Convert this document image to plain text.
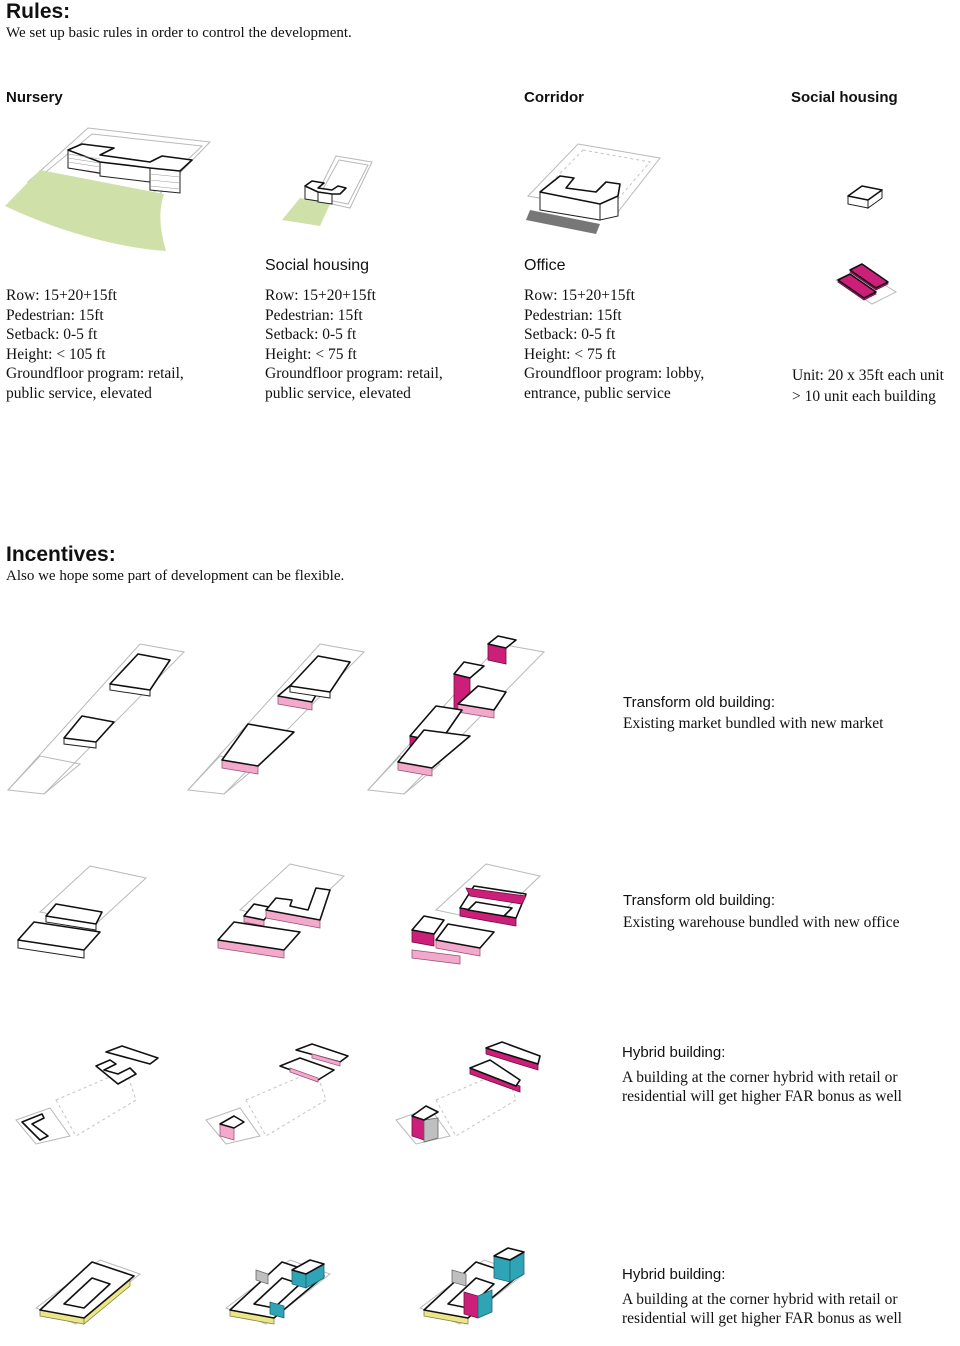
Rules:
We set up basic rules in order to control the development.
Nursery	Corridor	Social housing
Social housing	Office
Row: 15+20+15ft
Pedestrian: 15ft
Setback: 0-5 ft
Height: < 105 ft
Groundfloor program: retail,
public service, elevated
Row: 15+20+15ft
Pedestrian: 15ft
Setback: 0-5 ft
Height: < 75 ft
Groundfloor program: retail,
public service, elevated
Row: 15+20+15ft
Pedestrian: 15ft
Setback: 0-5 ft
Height: < 75 ft
Groundfloor program: lobby,
entrance, public service
Unit: 20 x 35ft each unit
> 10 unit each building
Incentives:
Also we hope some part of development can be flexible.
Transform old building:
Existing market bundled with new market
Transform old building:
Existing warehouse bundled with new office
Hybrid building:
A building at the corner hybrid with retail or
residential will get higher FAR bonus as well
Hybrid building:
A building at the corner hybrid with retail or
residential will get higher FAR bonus as well
